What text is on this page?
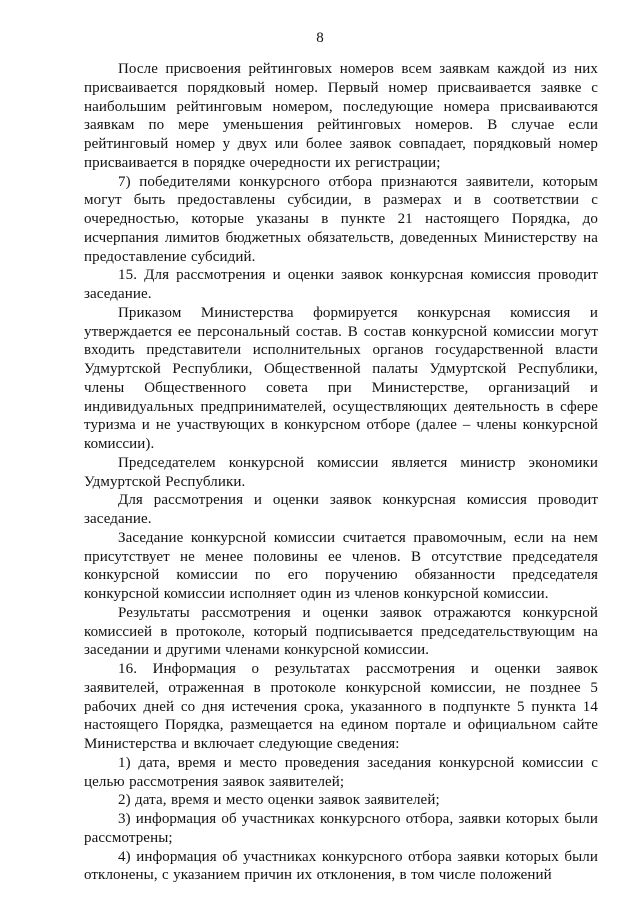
8

После присвоения рейтинговых номеров всем заявкам каждой из них присваивается порядковый номер. Первый номер присваивается заявке с наибольшим рейтинговым номером, последующие номера присваиваются заявкам по мере уменьшения рейтинговых номеров. В случае если рейтинговый номер у двух или более заявок совпадает, порядковый номер присваивается в порядке очередности их регистрации;

7) победителями конкурсного отбора признаются заявители, которым могут быть предоставлены субсидии, в размерах и в соответствии с очередностью, которые указаны в пункте 21 настоящего Порядка, до исчерпания лимитов бюджетных обязательств, доведенных Министерству на предоставление субсидий.

15. Для рассмотрения и оценки заявок конкурсная комиссия проводит заседание.

Приказом Министерства формируется конкурсная комиссия и утверждается ее персональный состав. В состав конкурсной комиссии могут входить представители исполнительных органов государственной власти Удмуртской Республики, Общественной палаты Удмуртской Республики, члены Общественного совета при Министерстве, организаций и индивидуальных предпринимателей, осуществляющих деятельность в сфере туризма и не участвующих в конкурсном отборе (далее – члены конкурсной комиссии).

Председателем конкурсной комиссии является министр экономики Удмуртской Республики.

Для рассмотрения и оценки заявок конкурсная комиссия проводит заседание.

Заседание конкурсной комиссии считается правомочным, если на нем присутствует не менее половины ее членов. В отсутствие председателя конкурсной комиссии по его поручению обязанности председателя конкурсной комиссии исполняет один из членов конкурсной комиссии.

Результаты рассмотрения и оценки заявок отражаются конкурсной комиссией в протоколе, который подписывается председательствующим на заседании и другими членами конкурсной комиссии.

16. Информация о результатах рассмотрения и оценки заявок заявителей, отраженная в протоколе конкурсной комиссии, не позднее 5 рабочих дней со дня истечения срока, указанного в подпункте 5 пункта 14 настоящего Порядка, размещается на едином портале и официальном сайте Министерства и включает следующие сведения:

1) дата, время и место проведения заседания конкурсной комиссии с целью рассмотрения заявок заявителей;

2) дата, время и место оценки заявок заявителей;

3) информация об участниках конкурсного отбора, заявки которых были рассмотрены;

4) информация об участниках конкурсного отбора заявки которых были отклонены, с указанием причин их отклонения, в том числе положений
